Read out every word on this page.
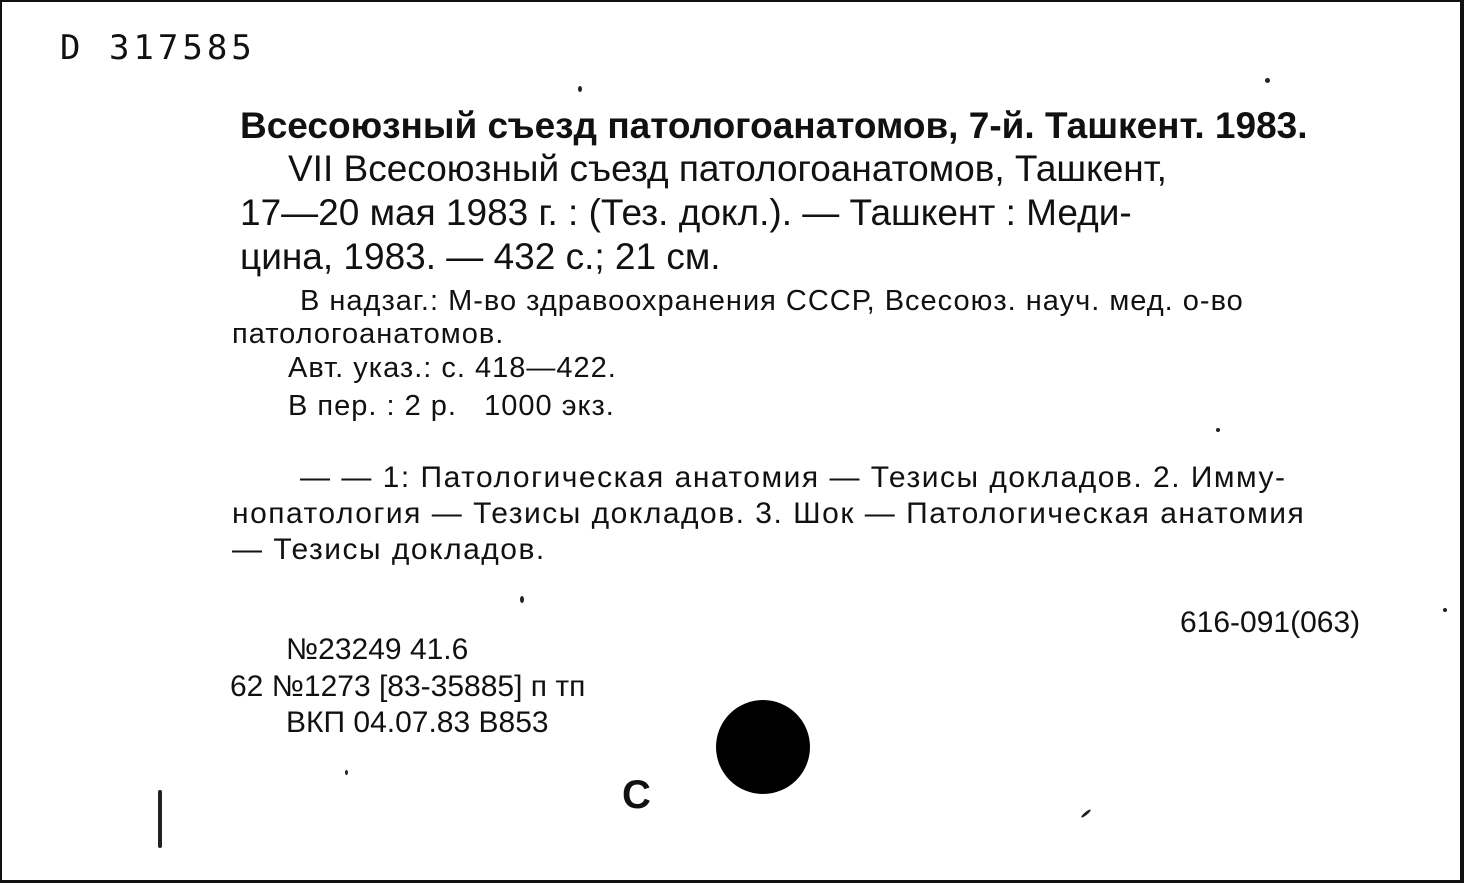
D 317585
Всесоюзный съезд патологоанатомов, 7-й. Ташкент. 1983.
VII Всесоюзный съезд патологоанатомов, Ташкент,
17—20 мая 1983 г. : (Тез. докл.). — Ташкент : Меди-
цина, 1983. — 432 с.; 21 см.
В надзаг.: М-во здравоохранения СССР, Всесоюз. науч. мед. о-во
патологоанатомов.
Авт. указ.: с. 418—422.
В пер. : 2 р.   1000 экз.
— — 1: Патологическая анатомия — Тезисы докладов. 2. Имму-
нопатология — Тезисы докладов. 3. Шок — Патологическая анатомия
— Тезисы докладов.
616-091(063)
№23249 41.6
62 №1273 [83-35885] п тп
ВКП 04.07.83 B853
С
